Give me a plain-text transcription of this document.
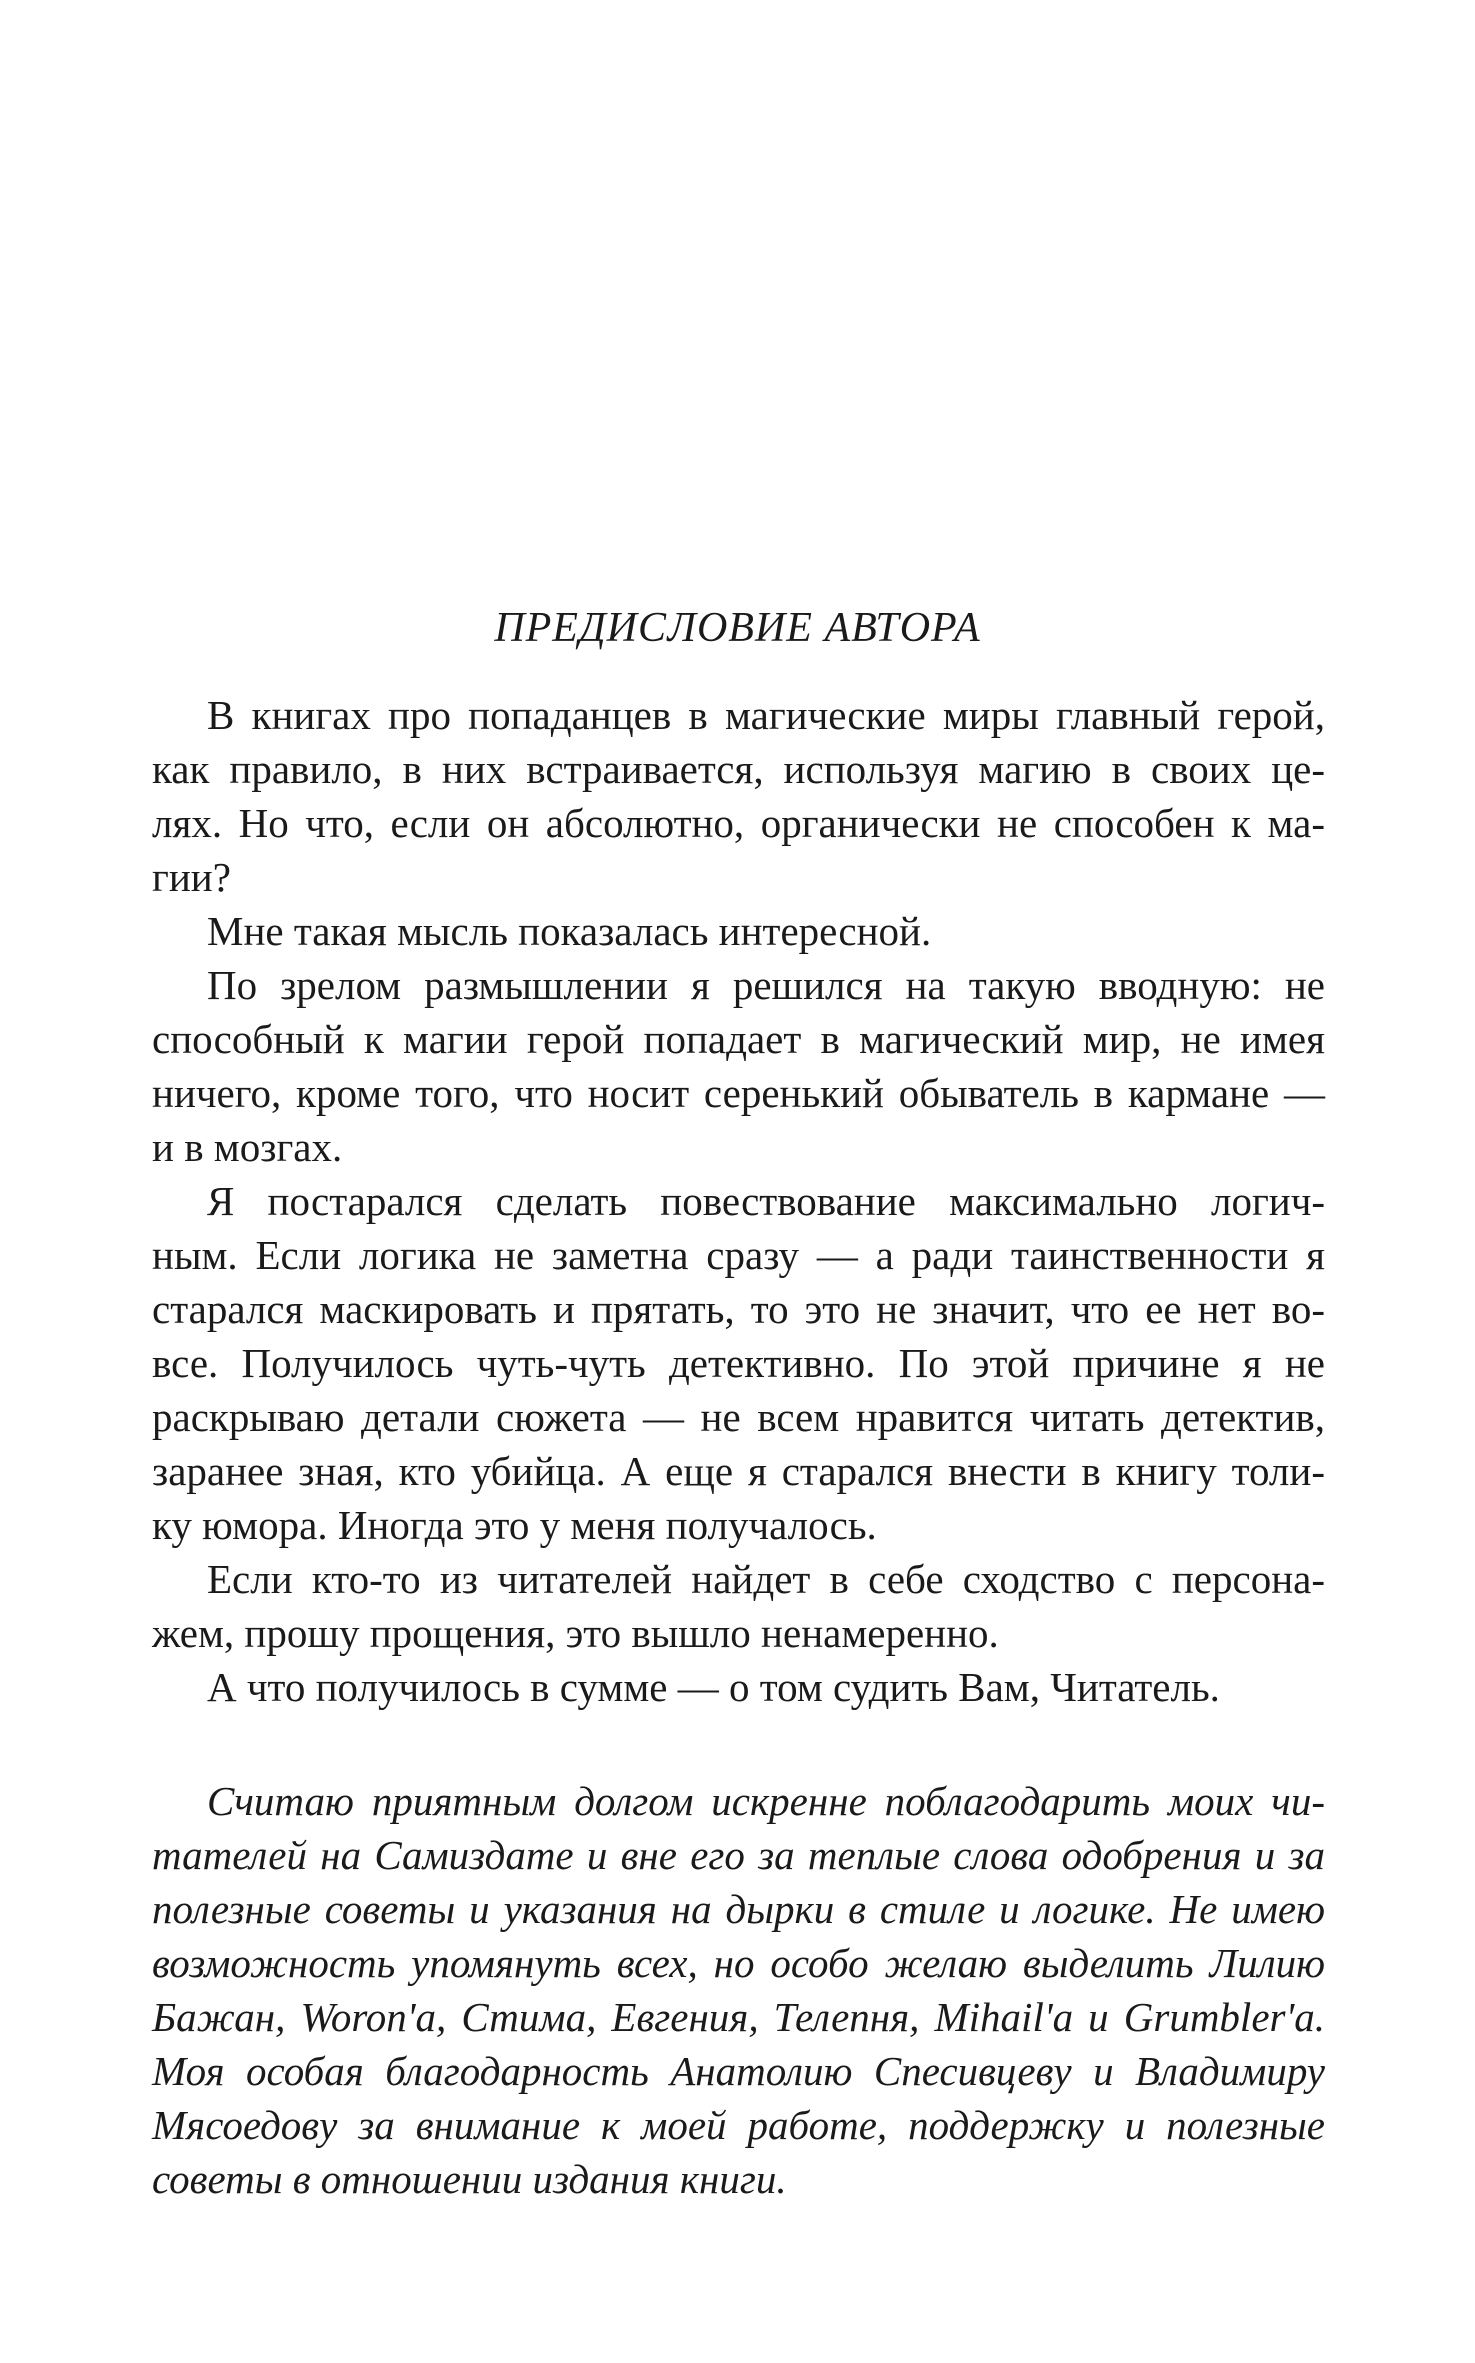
ПРЕДИСЛОВИЕ АВТОРА
В книгах про попаданцев в магические миры главный герой,
как правило, в них встраивается, используя магию в своих це-
лях. Но что, если он абсолютно, органически не способен к ма-
гии?
Мне такая мысль показалась интересной.
По зрелом размышлении я решился на такую вводную: не
способный к магии герой попадает в магический мир, не имея
ничего, кроме того, что носит серенький обыватель в кармане —
и в мозгах.
Я постарался сделать повествование максимально логич-
ным. Если логика не заметна сразу — а ради таинственности я
старался маскировать и прятать, то это не значит, что ее нет во-
все. Получилось чуть-чуть детективно. По этой причине я не
раскрываю детали сюжета — не всем нравится читать детектив,
заранее зная, кто убийца. А еще я старался внести в книгу толи-
ку юмора. Иногда это у меня получалось.
Если кто-то из читателей найдет в себе сходство с персона-
жем, прошу прощения, это вышло ненамеренно.
А что получилось в сумме — о том судить Вам, Читатель.
Считаю приятным долгом искренне поблагодарить моих чи-
тателей на Самиздате и вне его за теплые слова одобрения и за
полезные советы и указания на дырки в стиле и логике. Не имею
возможность упомянуть всех, но особо желаю выделить Лилию
Бажан, Woron'a, Стима, Евгения, Телепня, Mihail'a и Grumbler'a.
Моя особая благодарность Анатолию Спесивцеву и Владимиру
Мясоедову за внимание к моей работе, поддержку и полезные
советы в отношении издания книги.
